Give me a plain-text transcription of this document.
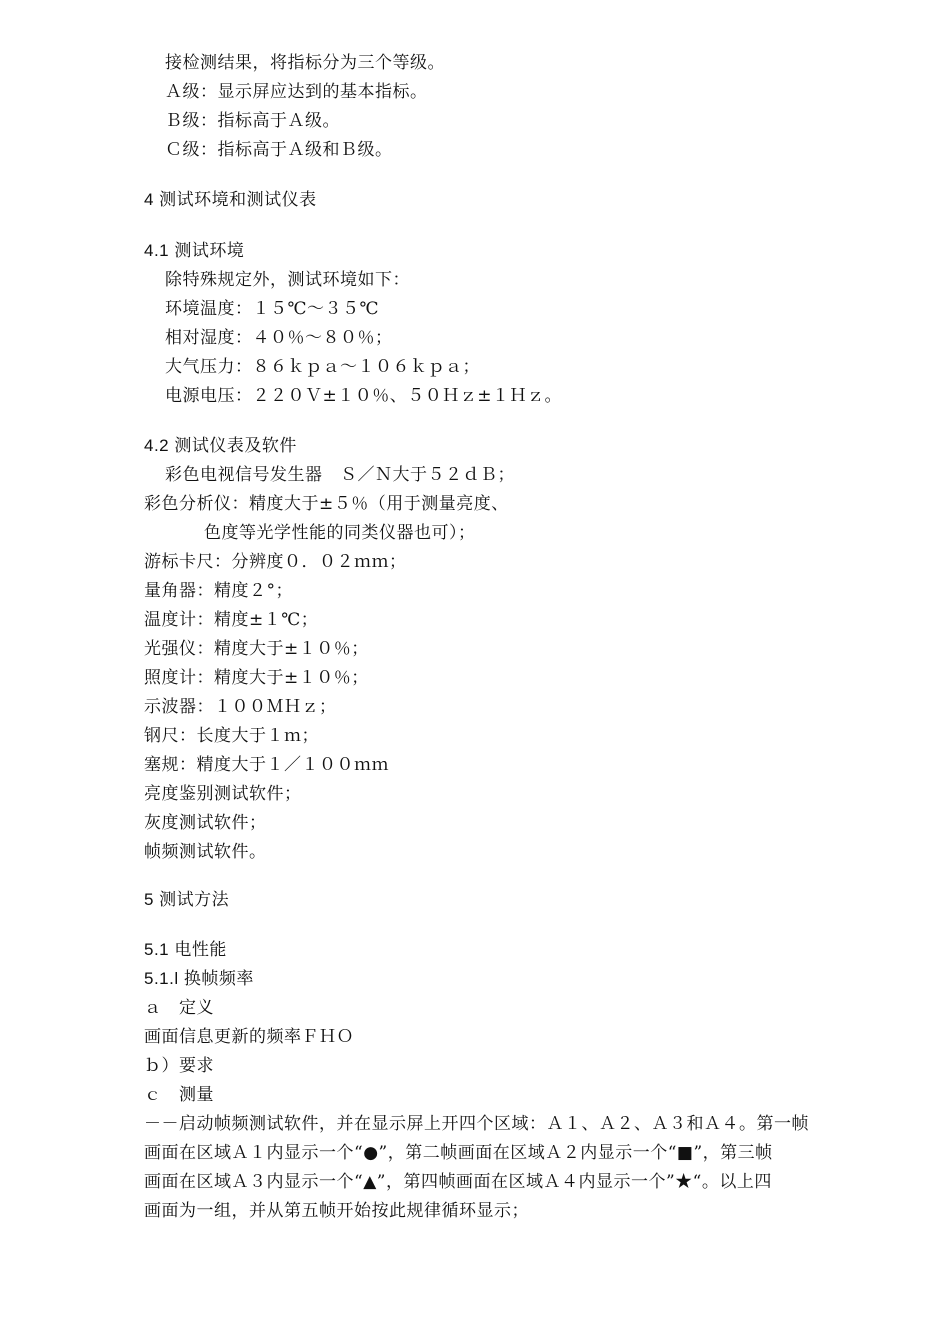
接检测结果，将指标分为三个等级。
Ａ级：显示屏应达到的基本指标。
Ｂ级：指标高于Ａ级。
Ｃ级：指标高于Ａ级和Ｂ级。
4 测试环境和测试仪表
4.1 测试环境
除特殊规定外，测试环境如下：
环境温度：１５℃～３５℃
相对湿度：４０％～８０％；
大气压力：８６ｋｐａ～１０６ｋｐａ；
电源电压：２２０Ｖ±１０％、５０Ｈｚ±１Ｈｚ。
4.2 测试仪表及软件
彩色电视信号发生器　Ｓ／Ｎ大于５２ｄＢ；
彩色分析仪：精度大于±５％（用于测量亮度、
色度等光学性能的同类仪器也可）；
游标卡尺：分辨度０．０２ｍｍ；
量角器：精度２°；
温度计：精度±１℃；
光强仪：精度大于±１０％；
照度计：精度大于±１０％；
示波器：１００ＭＨｚ；
钢尺：长度大于１ｍ；
塞规：精度大于１／１００ｍｍ
亮度鉴别测试软件；
灰度测试软件；
帧频测试软件。
5 测试方法
5.1 电性能
5.1.l 换帧频率
ａ　定义
画面信息更新的频率ＦＨＯ
ｂ）要求
ｃ　测量
－－启动帧频测试软件，并在显示屏上开四个区域：Ａ１、Ａ２、Ａ３和Ａ４。第一帧
画面在区域Ａ１内显示一个“●”，第二帧画面在区域Ａ２内显示一个“■”，第三帧
画面在区域Ａ３内显示一个“▲”，第四帧画面在区域Ａ４内显示一个”★“。以上四
画面为一组，并从第五帧开始按此规律循环显示；
